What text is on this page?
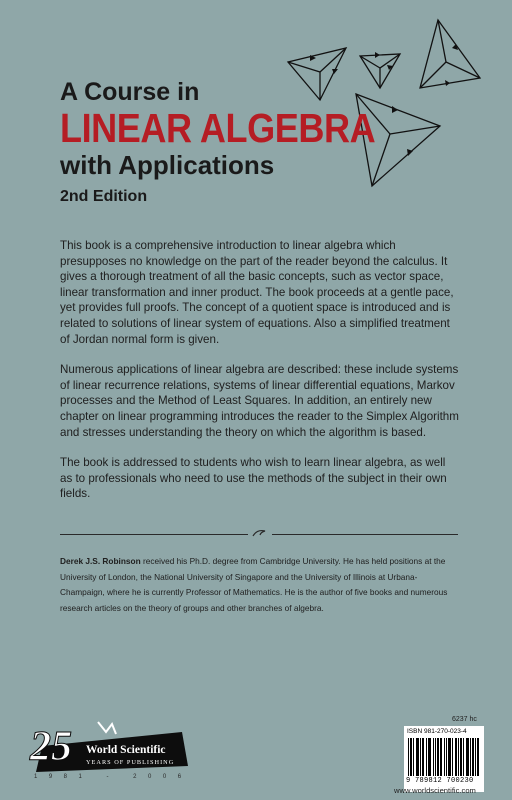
A Course in
LINEAR ALGEBRA
with Applications
2nd Edition

This book is a comprehensive introduction to linear algebra which presupposes no knowledge on the part of the reader beyond the calculus. It gives a thorough treatment of all the basic concepts, such as vector space, linear transformation and inner product. The book proceeds at a gentle pace, yet provides full proofs. The concept of a quotient space is introduced and is related to solutions of linear system of equations. Also a simplified treatment of Jordan normal form is given.

Numerous applications of linear algebra are described: these include systems of linear recurrence relations, systems of linear differential equations, Markov processes and the Method of Least Squares. In addition, an entirely new chapter on linear programming introduces the reader to the Simplex Algorithm and stresses understanding the theory on which the algorithm is based.

The book is addressed to students who wish to learn linear algebra, as well as to professionals who need to use the methods of the subject in their own fields.

Derek J.S. Robinson received his Ph.D. degree from Cambridge University. He has held positions at the University of London, the National University of Singapore and the University of Illinois at Urbana-Champaign, where he is currently Professor of Mathematics. He is the author of five books and numerous research articles on the theory of groups and other branches of algebra.
25 World Scientific
YEARS OF PUBLISHING
1981 - 2006
6237 hc
ISBN 981-270-023-4
9 789812 700230
www.worldscientific.com
